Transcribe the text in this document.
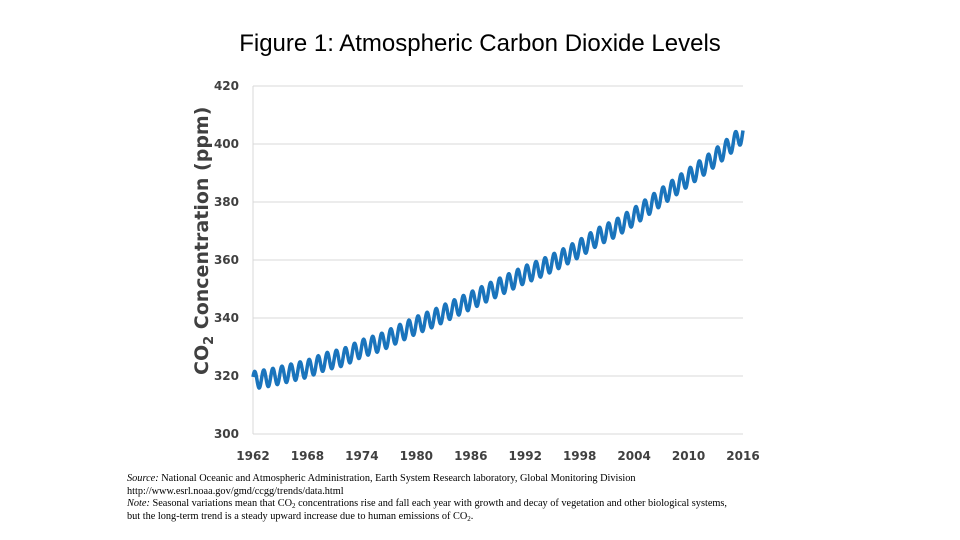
Figure 1: Atmospheric Carbon Dioxide Levels
420
400
380
360
340
320
300
1962 1968 1974 1980 1986 1992 1998 2004 2010 2016
$CO_2$ Concentration (ppm)
Source: National Oceanic and Atmospheric Administration, Earth System Research laboratory, Global Monitoring Division
http://www.esrl.noaa.gov/gmd/ccgg/trends/data.html
Note: Seasonal variations mean that $CO_2$ concentrations rise and fall each year with growth and decay of vegetation and other biological systems,
but the long-term trend is a steady upward increase due to human emissions of $CO_2$.
